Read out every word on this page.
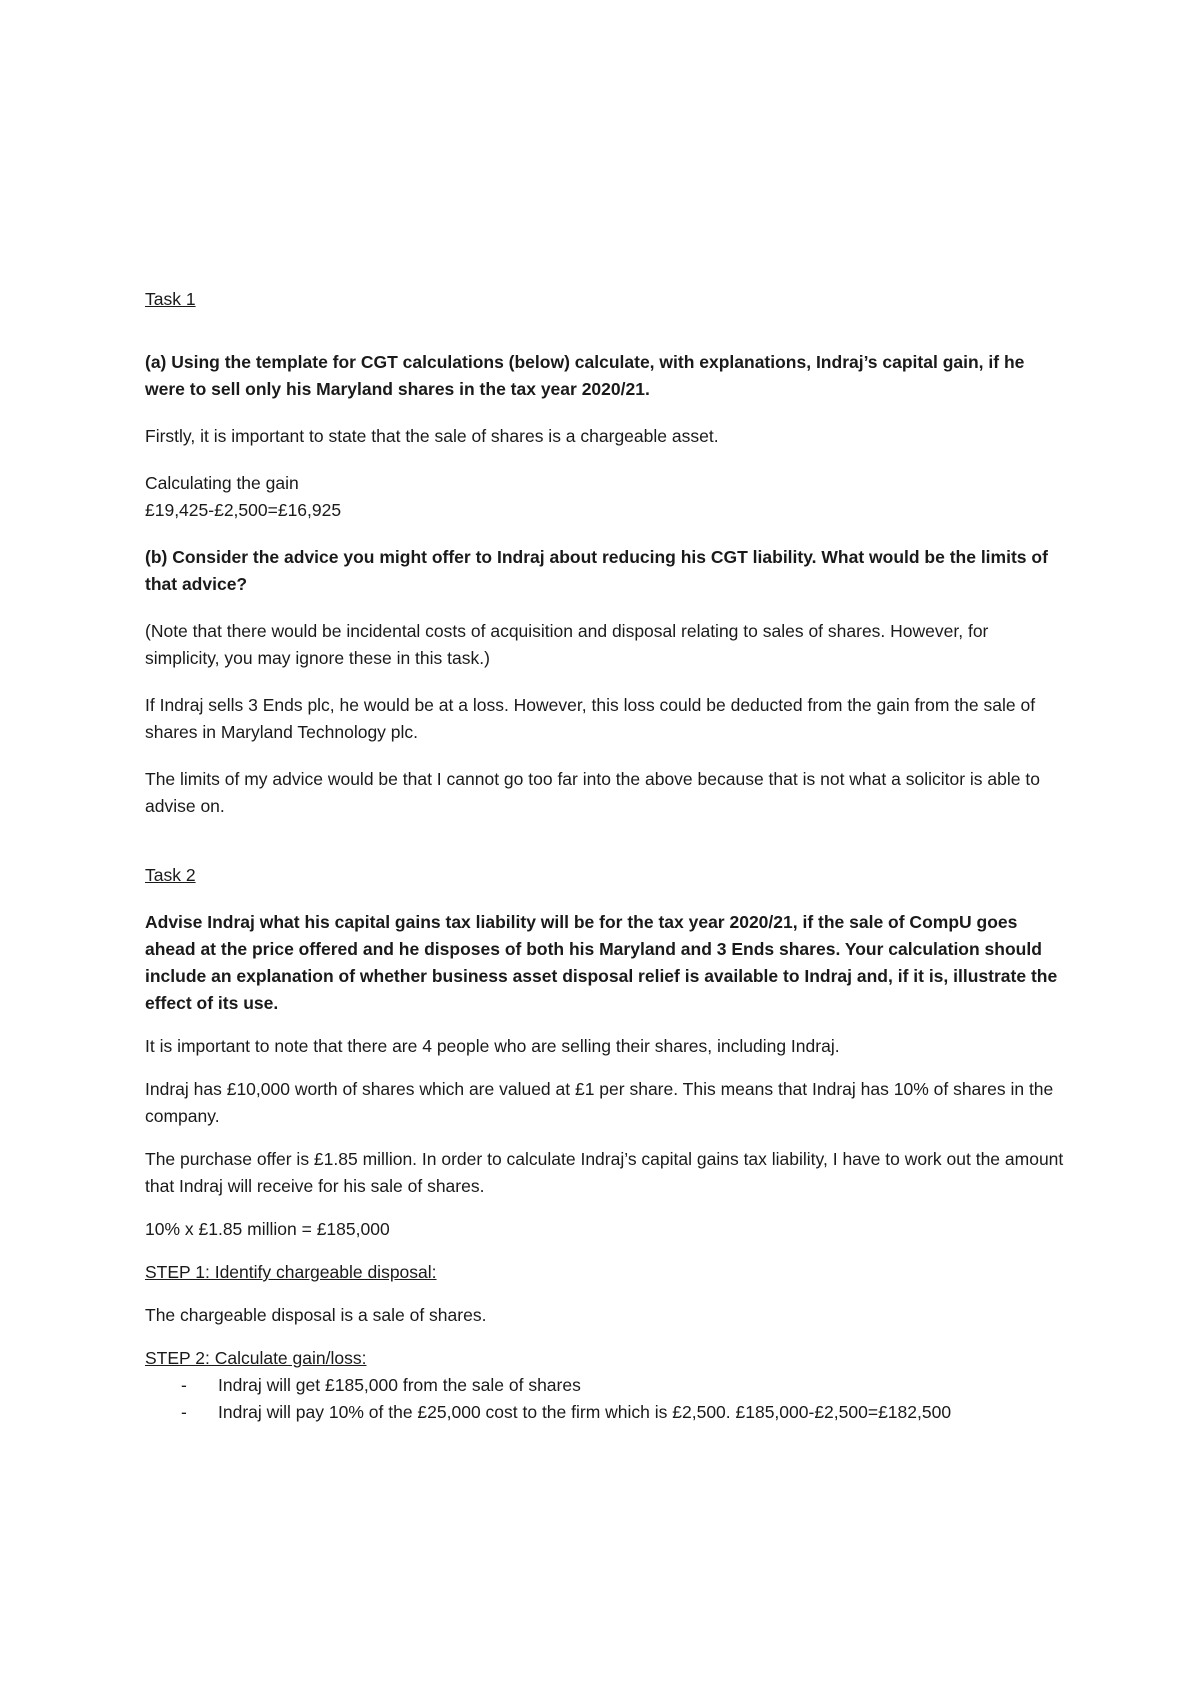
Task 1

(a) Using the template for CGT calculations (below) calculate, with explanations, Indraj’s capital gain, if he were to sell only his Maryland shares in the tax year 2020/21.

Firstly, it is important to state that the sale of shares is a chargeable asset.

Calculating the gain

£19,425-£2,500=£16,925

(b) Consider the advice you might offer to Indraj about reducing his CGT liability. What would be the limits of that advice?

(Note that there would be incidental costs of acquisition and disposal relating to sales of shares. However, for simplicity, you may ignore these in this task.)

If Indraj sells 3 Ends plc, he would be at a loss. However, this loss could be deducted from the gain from the sale of shares in Maryland Technology plc.

The limits of my advice would be that I cannot go too far into the above because that is not what a solicitor is able to advise on.

Task 2

Advise Indraj what his capital gains tax liability will be for the tax year 2020/21, if the sale of CompU goes ahead at the price offered and he disposes of both his Maryland and 3 Ends shares. Your calculation should include an explanation of whether business asset disposal relief is available to Indraj and, if it is, illustrate the effect of its use.

It is important to note that there are 4 people who are selling their shares, including Indraj.

Indraj has £10,000 worth of shares which are valued at £1 per share. This means that Indraj has 10% of shares in the company.

The purchase offer is £1.85 million. In order to calculate Indraj’s capital gains tax liability, I have to work out the amount that Indraj will receive for his sale of shares.

10% x £1.85 million = £185,000

STEP 1: Identify chargeable disposal:

The chargeable disposal is a sale of shares.

STEP 2: Calculate gain/loss:

- Indraj will get £185,000 from the sale of shares
- Indraj will pay 10% of the £25,000 cost to the firm which is £2,500. £185,000-£2,500=£182,500
